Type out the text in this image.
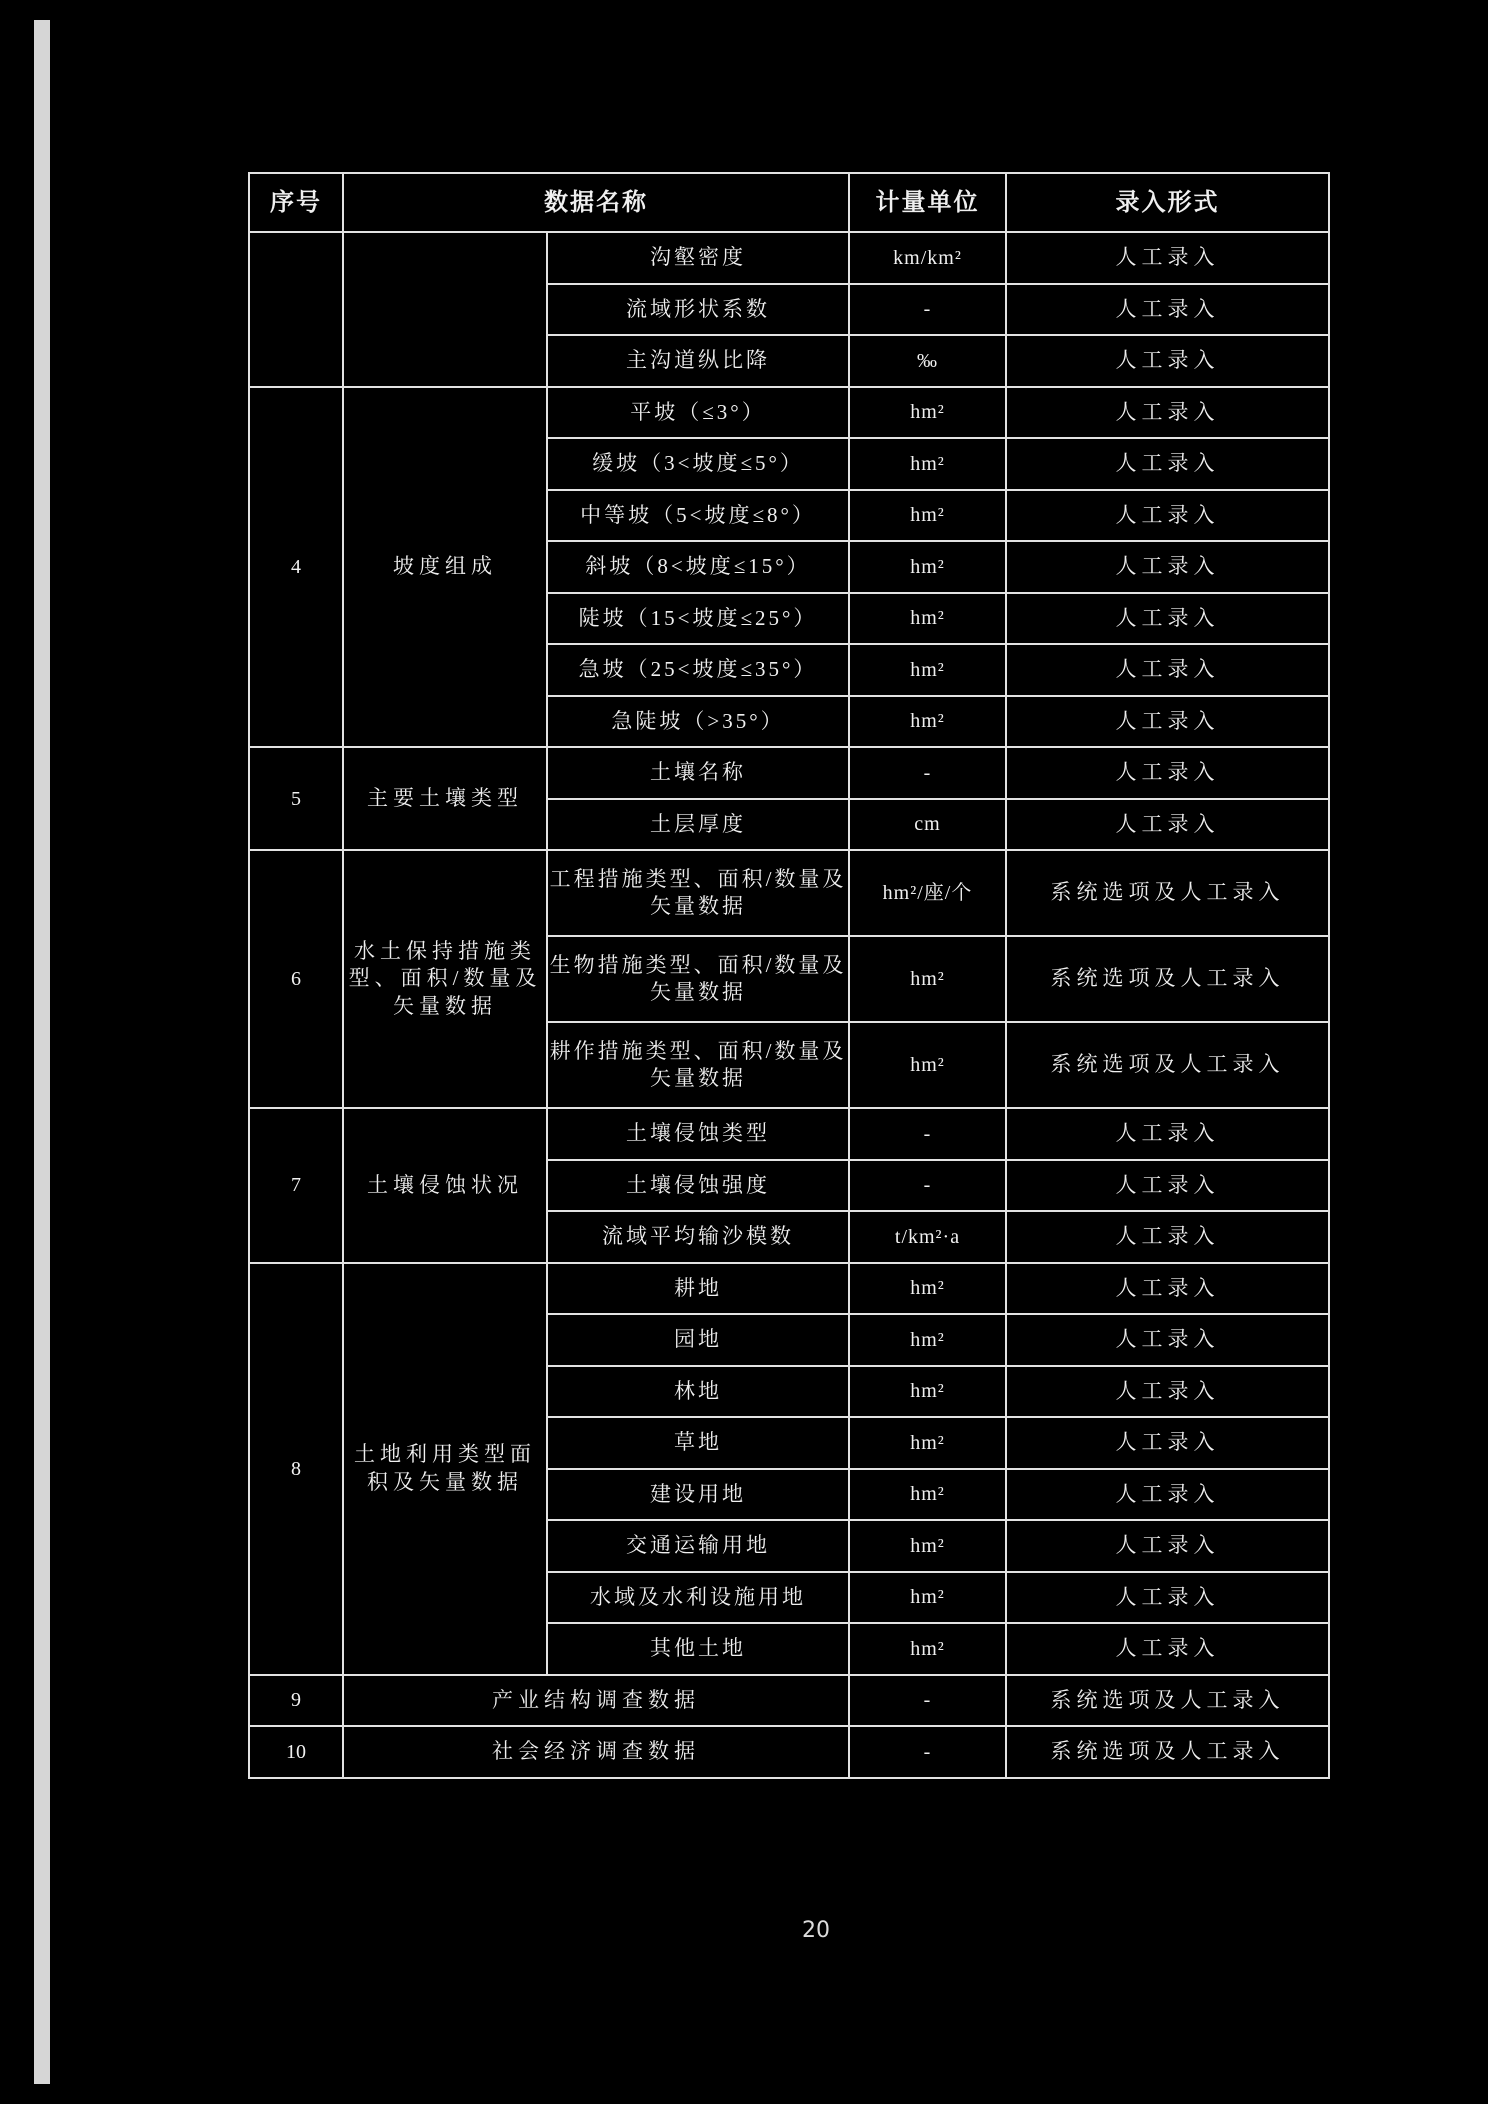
序号	数据名称		计量单位	录入形式
		沟壑密度	km/km²	人工录入
		流域形状系数	-	人工录入
		主沟道纵比降	‰	人工录入
4	坡度组成	平坡（≤3°）	hm²	人工录入
		缓坡（3<坡度≤5°）	hm²	人工录入
		中等坡（5<坡度≤8°）	hm²	人工录入
		斜坡（8<坡度≤15°）	hm²	人工录入
		陡坡（15<坡度≤25°）	hm²	人工录入
		急坡（25<坡度≤35°）	hm²	人工录入
		急陡坡（>35°）	hm²	人工录入
5	主要土壤类型	土壤名称	-	人工录入
		土层厚度	cm	人工录入
6	水土保持措施类型、面积/数量及矢量数据	工程措施类型、面积/数量及矢量数据	hm²/座/个	系统选项及人工录入
		生物措施类型、面积/数量及矢量数据	hm²	系统选项及人工录入
		耕作措施类型、面积/数量及矢量数据	hm²	系统选项及人工录入
7	土壤侵蚀状况	土壤侵蚀类型	-	人工录入
		土壤侵蚀强度	-	人工录入
		流域平均输沙模数	t/km²·a	人工录入
8	土地利用类型面积及矢量数据	耕地	hm²	人工录入
		园地	hm²	人工录入
		林地	hm²	人工录入
		草地	hm²	人工录入
		建设用地	hm²	人工录入
		交通运输用地	hm²	人工录入
		水域及水利设施用地	hm²	人工录入
		其他土地	hm²	人工录入
9	产业结构调查数据		-	系统选项及人工录入
10	社会经济调查数据		-	系统选项及人工录入
20
